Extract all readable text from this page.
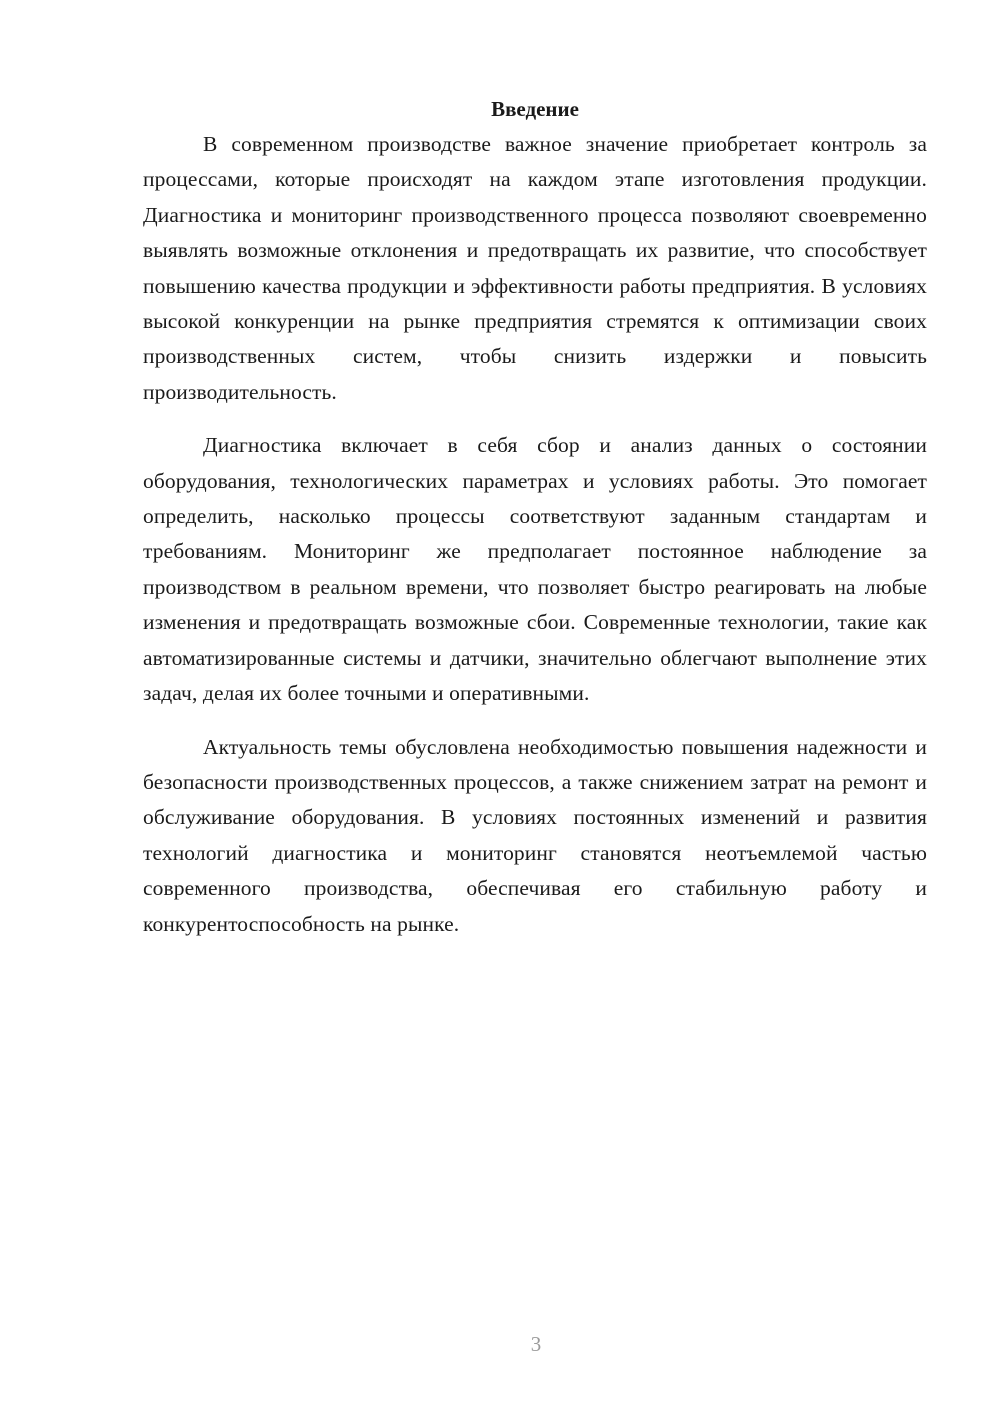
Введение

В современном производстве важное значение приобретает контроль за процессами, которые происходят на каждом этапе изготовления продукции. Диагностика и мониторинг производственного процесса позволяют своевременно выявлять возможные отклонения и предотвращать их развитие, что способствует повышению качества продукции и эффективности работы предприятия. В условиях высокой конкуренции на рынке предприятия стремятся к оптимизации своих производственных систем, чтобы снизить издержки и повысить производительность.

Диагностика включает в себя сбор и анализ данных о состоянии оборудования, технологических параметрах и условиях работы. Это помогает определить, насколько процессы соответствуют заданным стандартам и требованиям. Мониторинг же предполагает постоянное наблюдение за производством в реальном времени, что позволяет быстро реагировать на любые изменения и предотвращать возможные сбои. Современные технологии, такие как автоматизированные системы и датчики, значительно облегчают выполнение этих задач, делая их более точными и оперативными.

Актуальность темы обусловлена необходимостью повышения надежности и безопасности производственных процессов, а также снижением затрат на ремонт и обслуживание оборудования. В условиях постоянных изменений и развития технологий диагностика и мониторинг становятся неотъемлемой частью современного производства, обеспечивая его стабильную работу и конкурентоспособность на рынке.

3
